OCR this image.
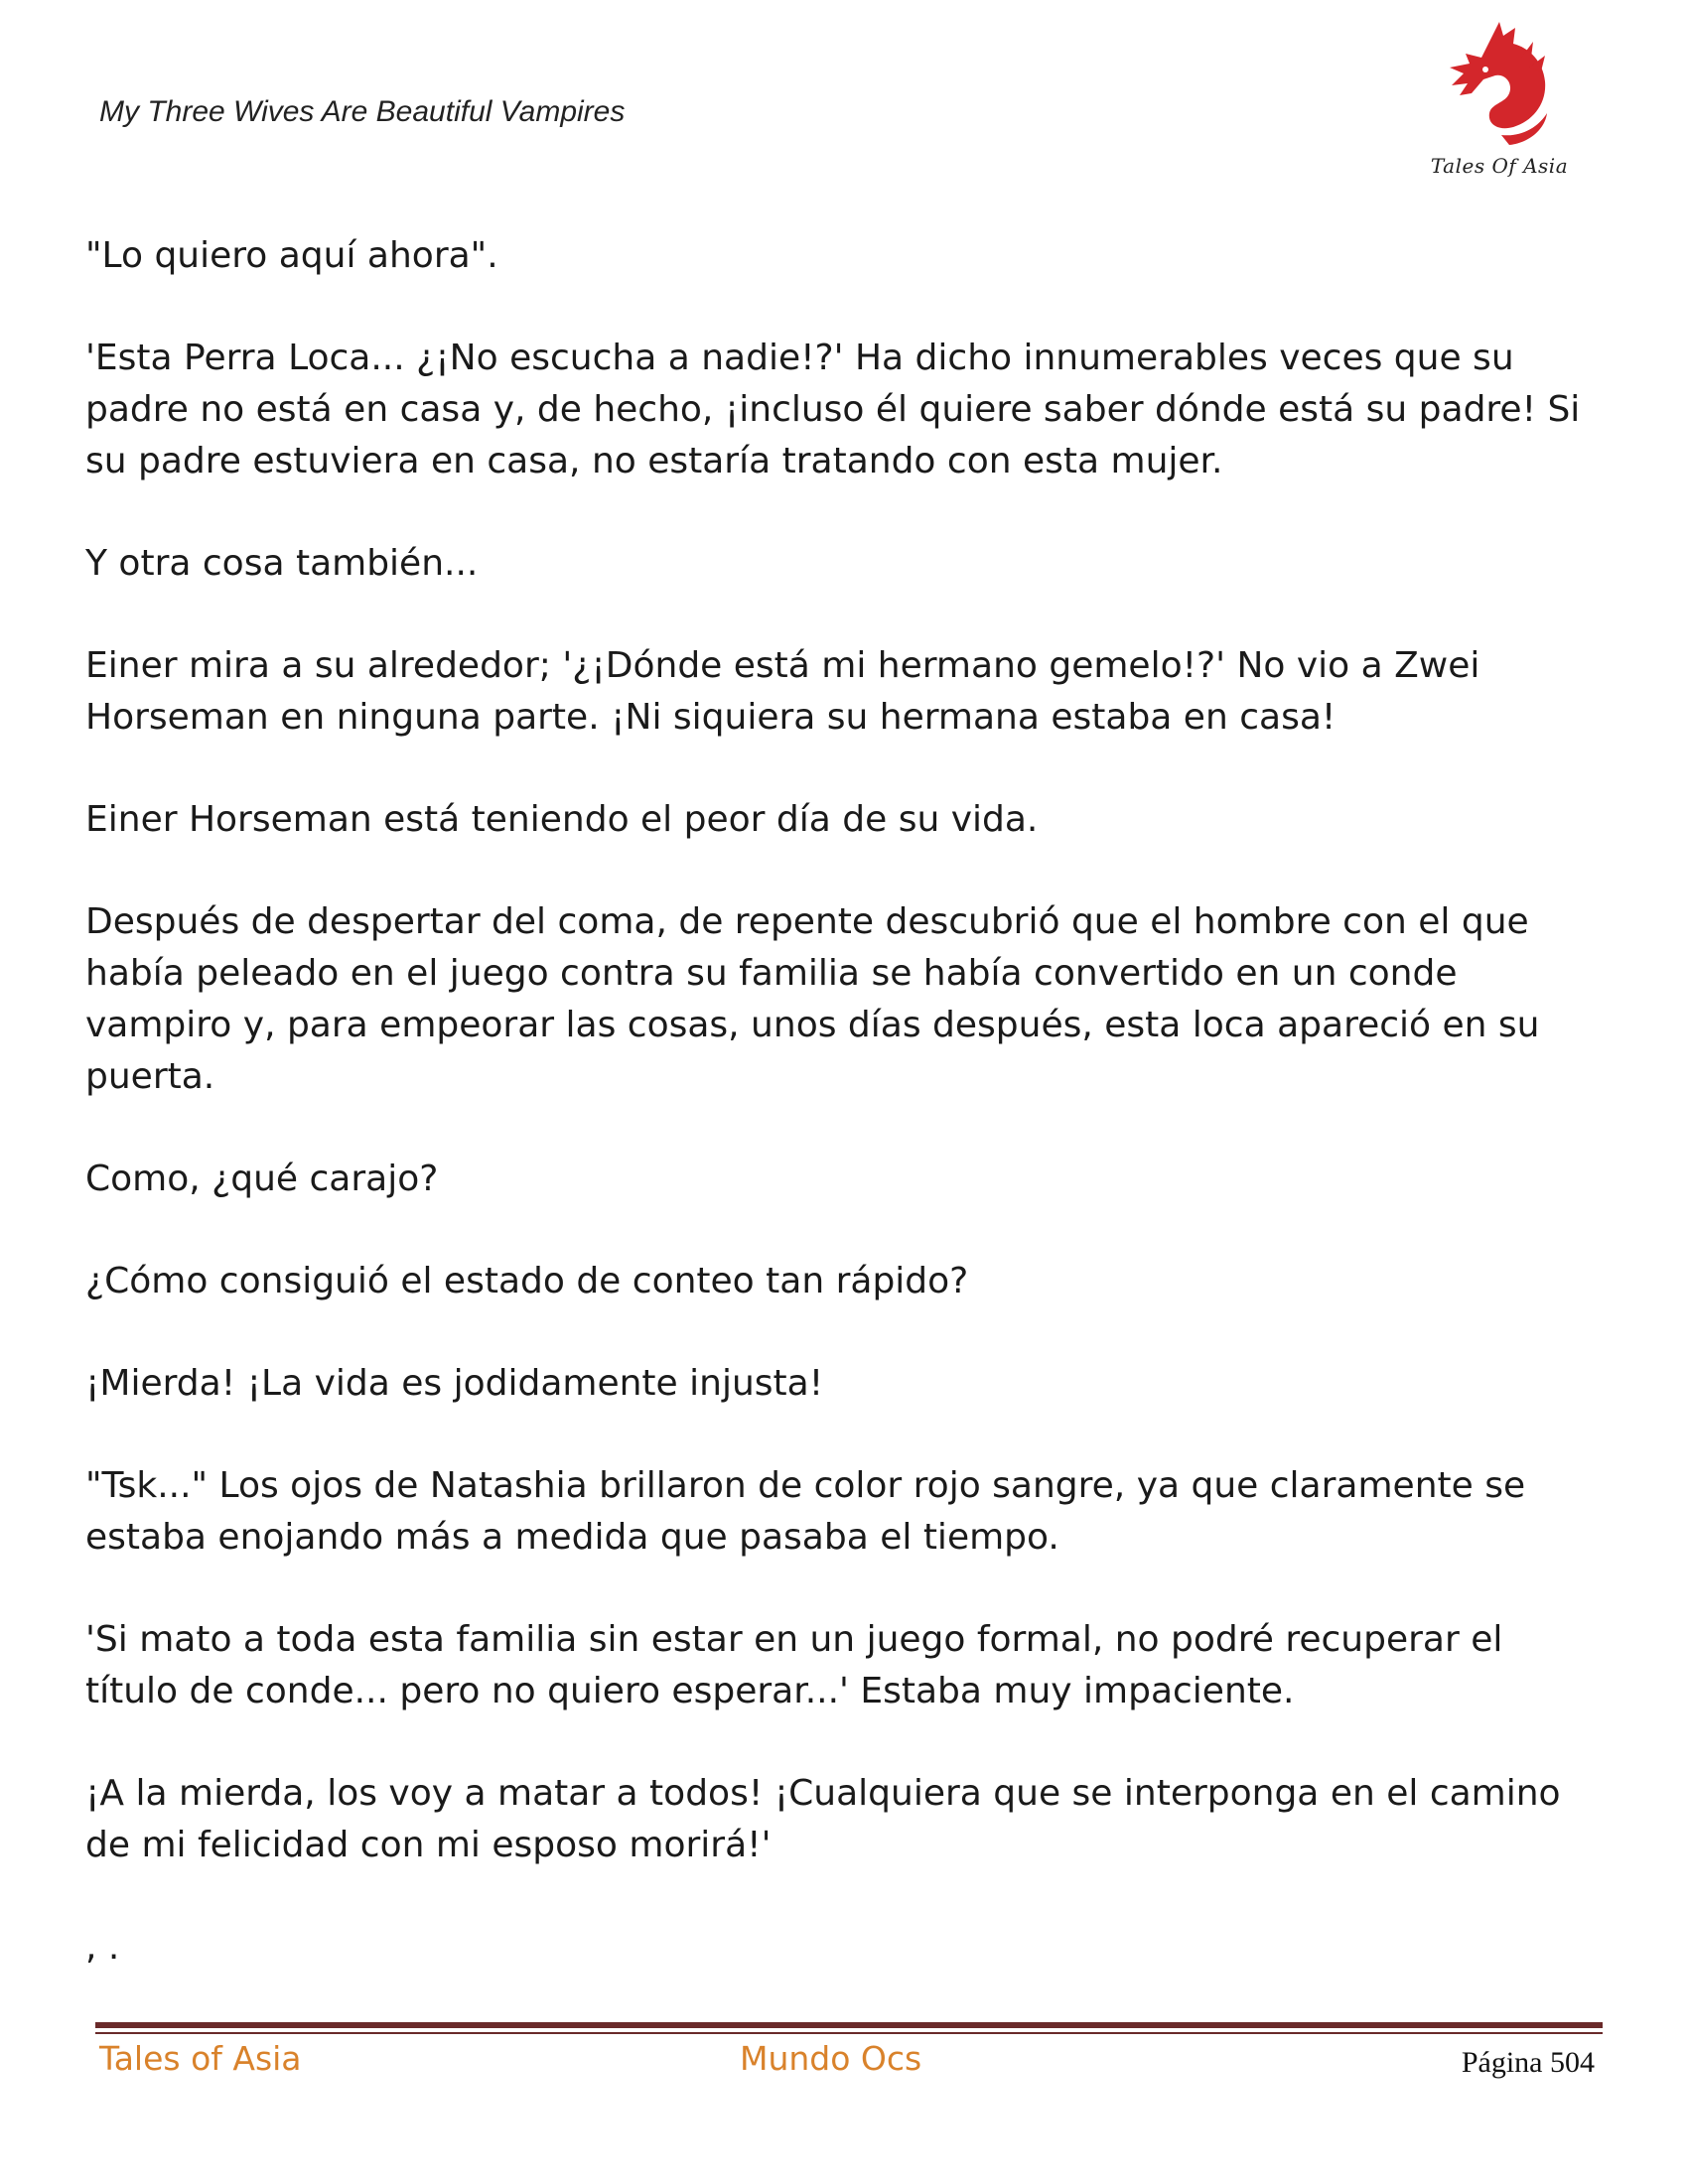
My Three Wives Are Beautiful Vampires
Tales Of Asia

"Lo quiero aquí ahora".

'Esta Perra Loca... ¿¡No escucha a nadie!?' Ha dicho innumerables veces que su padre no está en casa y, de hecho, ¡incluso él quiere saber dónde está su padre! Si su padre estuviera en casa, no estaría tratando con esta mujer.

Y otra cosa también...

Einer mira a su alrededor; '¿¡Dónde está mi hermano gemelo!?' No vio a Zwei Horseman en ninguna parte. ¡Ni siquiera su hermana estaba en casa!

Einer Horseman está teniendo el peor día de su vida.

Después de despertar del coma, de repente descubrió que el hombre con el que había peleado en el juego contra su familia se había convertido en un conde vampiro y, para empeorar las cosas, unos días después, esta loca apareció en su puerta.

Como, ¿qué carajo?

¿Cómo consiguió el estado de conteo tan rápido?

¡Mierda! ¡La vida es jodidamente injusta!

"Tsk..." Los ojos de Natashia brillaron de color rojo sangre, ya que claramente se estaba enojando más a medida que pasaba el tiempo.

'Si mato a toda esta familia sin estar en un juego formal, no podré recuperar el título de conde... pero no quiero esperar...' Estaba muy impaciente.

¡A la mierda, los voy a matar a todos! ¡Cualquiera que se interponga en el camino de mi felicidad con mi esposo morirá!'

, .

Tales of Asia	Mundo Ocs	Página 504
